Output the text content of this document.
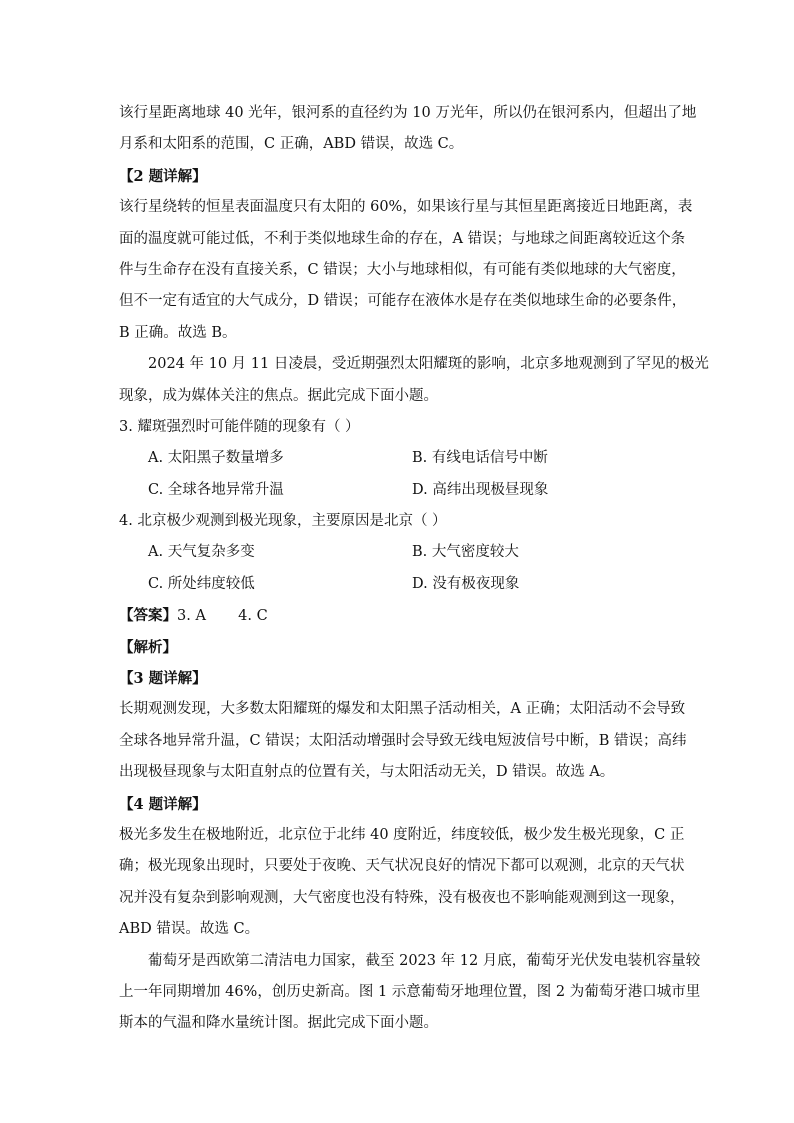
该行星距离地球 40 光年，银河系的直径约为 10 万光年，所以仍在银河系内，但超出了地
月系和太阳系的范围，C 正确，ABD 错误，故选 C。
【2 题详解】
该行星绕转的恒星表面温度只有太阳的 60%，如果该行星与其恒星距离接近日地距离，表
面的温度就可能过低，不利于类似地球生命的存在，A 错误；与地球之间距离较近这个条
件与生命存在没有直接关系，C 错误；大小与地球相似，有可能有类似地球的大气密度，
但不一定有适宜的大气成分，D 错误；可能存在液体水是存在类似地球生命的必要条件，
B 正确。故选 B。
2024 年 10 月 11 日凌晨，受近期强烈太阳耀斑的影响，北京多地观测到了罕见的极光
现象，成为媒体关注的焦点。据此完成下面小题。
3. 耀斑强烈时可能伴随的现象有（ ）
A. 太阳黑子数量增多	B. 有线电话信号中断
C. 全球各地异常升温	D. 高纬出现极昼现象
4. 北京极少观测到极光现象，主要原因是北京（ ）
A. 天气复杂多变	B. 大气密度较大
C. 所处纬度较低	D. 没有极夜现象
【答案】3. A       4. C
【解析】
【3 题详解】
长期观测发现，大多数太阳耀斑的爆发和太阳黑子活动相关，A 正确；太阳活动不会导致
全球各地异常升温，C 错误；太阳活动增强时会导致无线电短波信号中断，B 错误；高纬
出现极昼现象与太阳直射点的位置有关，与太阳活动无关，D 错误。故选 A。
【4 题详解】
极光多发生在极地附近，北京位于北纬 40 度附近，纬度较低，极少发生极光现象，C 正
确；极光现象出现时，只要处于夜晚、天气状况良好的情况下都可以观测，北京的天气状
况并没有复杂到影响观测，大气密度也没有特殊，没有极夜也不影响能观测到这一现象，
ABD 错误。故选 C。
葡萄牙是西欧第二清洁电力国家，截至 2023 年 12 月底，葡萄牙光伏发电装机容量较
上一年同期增加 46%，创历史新高。图 1 示意葡萄牙地理位置，图 2 为葡萄牙港口城市里
斯本的气温和降水量统计图。据此完成下面小题。
